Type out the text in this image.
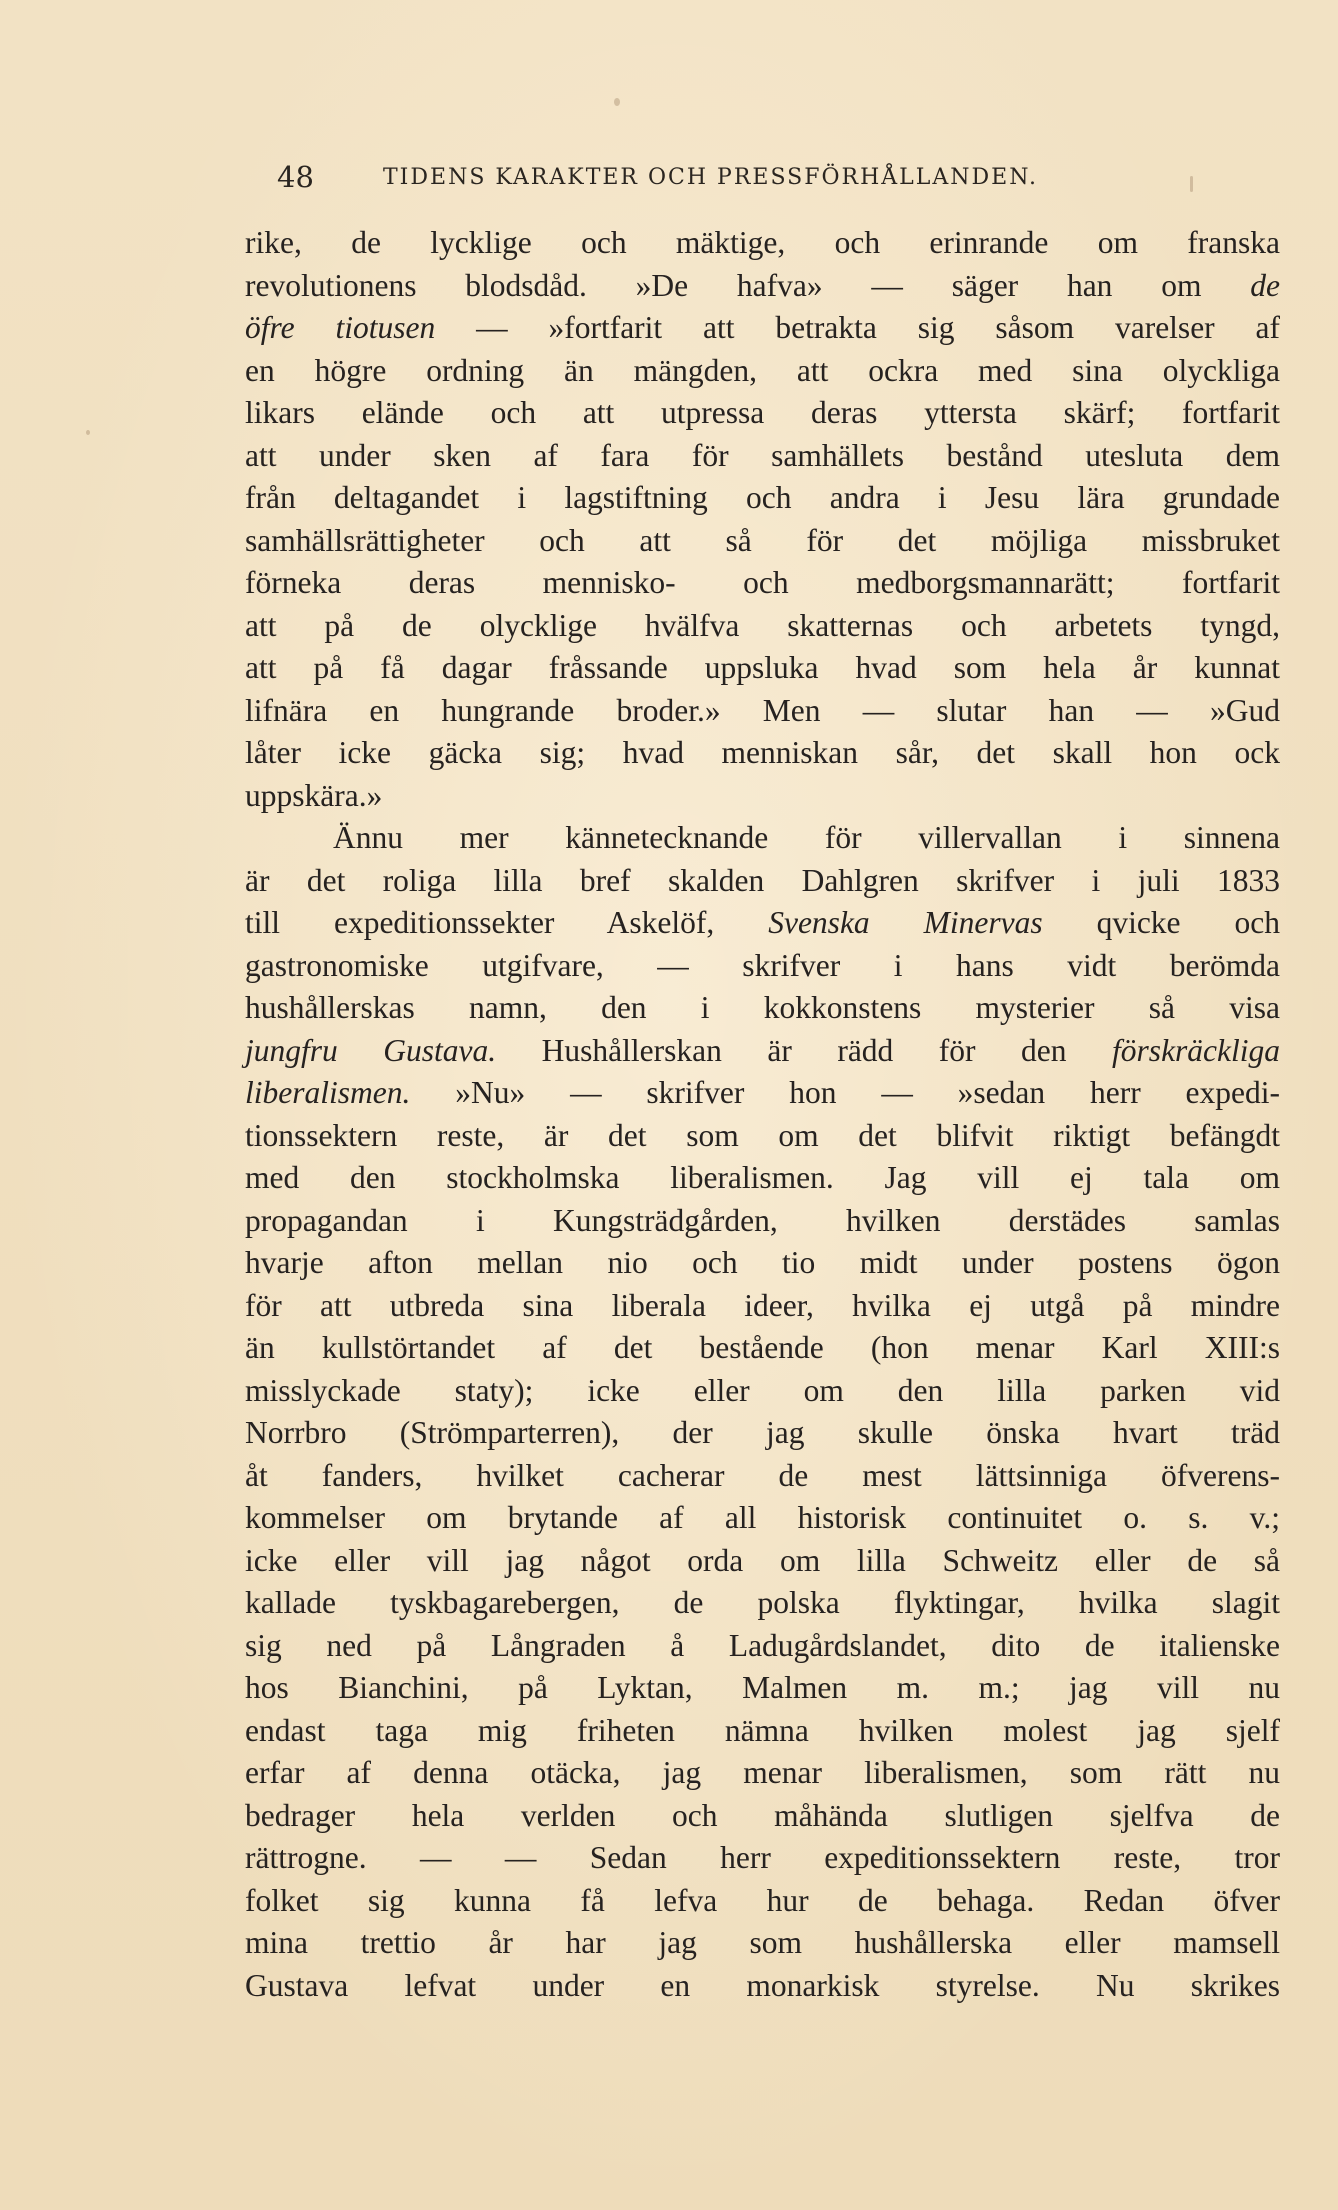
48	TIDENS KARAKTER OCH PRESSFÖRHÅLLANDEN.
rike, de lycklige och mäktige, och erinrande om franska
revolutionens blodsdåd. »De hafva» — säger han om de
öfre tiotusen — »fortfarit att betrakta sig såsom varelser af
en högre ordning än mängden, att ockra med sina olyckliga
likars elände och att utpressa deras yttersta skärf; fortfarit
att under sken af fara för samhällets bestånd utesluta dem
från deltagandet i lagstiftning och andra i Jesu lära grundade
samhällsrättigheter och att så för det möjliga missbruket
förneka deras mennisko- och medborgsmannarätt; fortfarit
att på de olycklige hvälfva skatternas och arbetets tyngd,
att på få dagar fråssande uppsluka hvad som hela år kunnat
lifnära en hungrande broder.» Men — slutar han — »Gud
låter icke gäcka sig; hvad menniskan sår, det skall hon ock
uppskära.»
Ännu mer kännetecknande för villervallan i sinnena
är det roliga lilla bref skalden Dahlgren skrifver i juli 1833
till expeditionssekter Askelöf, Svenska Minervas qvicke och
gastronomiske utgifvare, — skrifver i hans vidt berömda
hushållerskas namn, den i kokkonstens mysterier så visa
jungfru Gustava. Hushållerskan är rädd för den förskräckliga
liberalismen. »Nu» — skrifver hon — »sedan herr expedi-
tionssektern reste, är det som om det blifvit riktigt befängdt
med den stockholmska liberalismen. Jag vill ej tala om
propagandan i Kungsträdgården, hvilken derstädes samlas
hvarje afton mellan nio och tio midt under postens ögon
för att utbreda sina liberala ideer, hvilka ej utgå på mindre
än kullstörtandet af det bestående (hon menar Karl XIII:s
misslyckade staty); icke eller om den lilla parken vid
Norrbro (Strömparterren), der jag skulle önska hvart träd
åt fanders, hvilket cacherar de mest lättsinniga öfverens-
kommelser om brytande af all historisk continuitet o. s. v.;
icke eller vill jag något orda om lilla Schweitz eller de så
kallade tyskbagarebergen, de polska flyktingar, hvilka slagit
sig ned på Långraden å Ladugårdslandet, dito de italienske
hos Bianchini, på Lyktan, Malmen m. m.; jag vill nu
endast taga mig friheten nämna hvilken molest jag sjelf
erfar af denna otäcka, jag menar liberalismen, som rätt nu
bedrager hela verlden och måhända slutligen sjelfva de
rättrogne. — — Sedan herr expeditionssektern reste, tror
folket sig kunna få lefva hur de behaga. Redan öfver
mina trettio år har jag som hushållerska eller mamsell
Gustava lefvat under en monarkisk styrelse. Nu skrikes
